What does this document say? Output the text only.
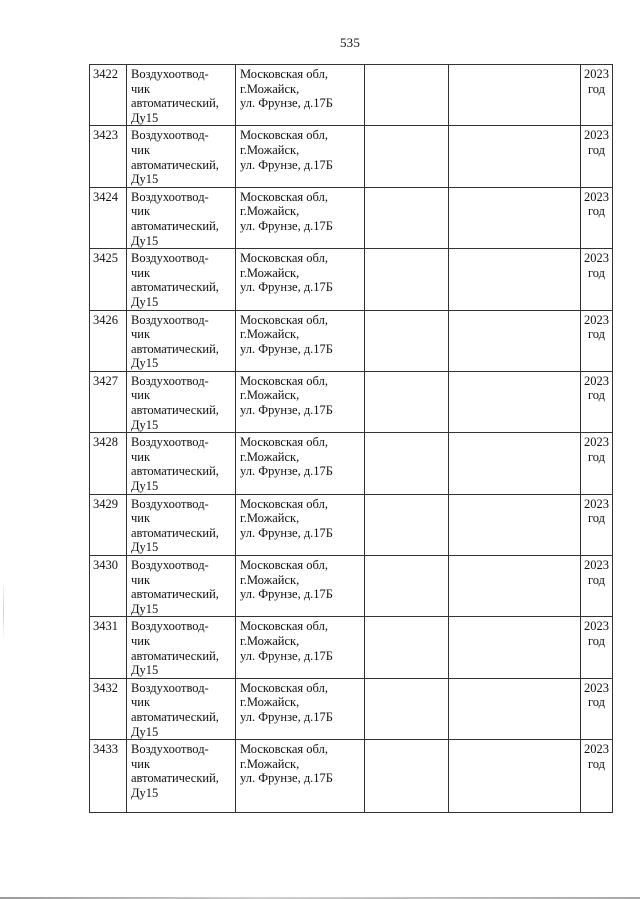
535
3422	Воздухоотвод-
чик
автоматический,
Ду15	Московская обл,
г.Можайск,
ул. Фрунзе, д.17Б			2023
год

3423	Воздухоотвод-
чик
автоматический,
Ду15	Московская обл,
г.Можайск,
ул. Фрунзе, д.17Б			2023
год

3424	Воздухоотвод-
чик
автоматический,
Ду15	Московская обл,
г.Можайск,
ул. Фрунзе, д.17Б			2023
год

3425	Воздухоотвод-
чик
автоматический,
Ду15	Московская обл,
г.Можайск,
ул. Фрунзе, д.17Б			2023
год

3426	Воздухоотвод-
чик
автоматический,
Ду15	Московская обл,
г.Можайск,
ул. Фрунзе, д.17Б			2023
год

3427	Воздухоотвод-
чик
автоматический,
Ду15	Московская обл,
г.Можайск,
ул. Фрунзе, д.17Б			2023
год

3428	Воздухоотвод-
чик
автоматический,
Ду15	Московская обл,
г.Можайск,
ул. Фрунзе, д.17Б			2023
год

3429	Воздухоотвод-
чик
автоматический,
Ду15	Московская обл,
г.Можайск,
ул. Фрунзе, д.17Б			2023
год

3430	Воздухоотвод-
чик
автоматический,
Ду15	Московская обл,
г.Можайск,
ул. Фрунзе, д.17Б			2023
год

3431	Воздухоотвод-
чик
автоматический,
Ду15	Московская обл,
г.Можайск,
ул. Фрунзе, д.17Б			2023
год

3432	Воздухоотвод-
чик
автоматический,
Ду15	Московская обл,
г.Можайск,
ул. Фрунзе, д.17Б			2023
год

3433	Воздухоотвод-
чик
автоматический,
Ду15	Московская обл,
г.Можайск,
ул. Фрунзе, д.17Б			2023
год
